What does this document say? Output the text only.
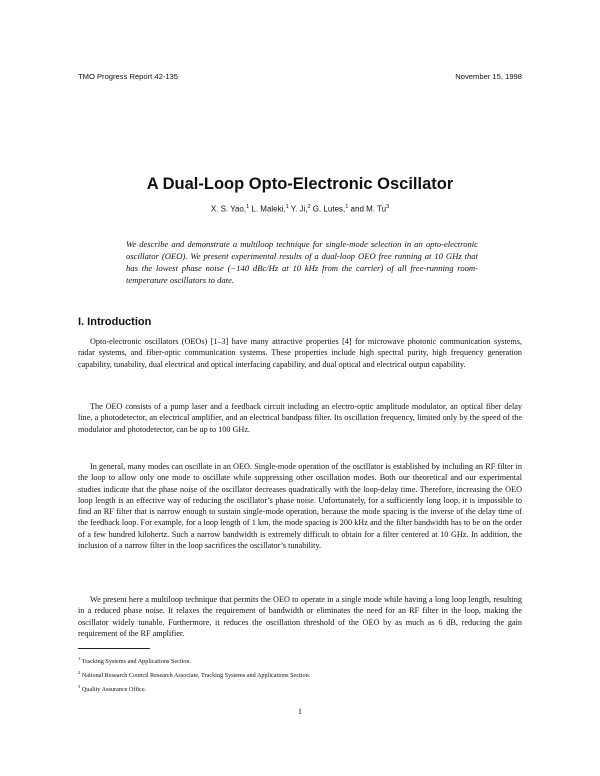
TMO Progress Report 42-135	November 15, 1998
A Dual-Loop Opto-Electronic Oscillator
X. S. Yao,$^1$ L. Maleki,$^1$ Y. Ji,$^2$ G. Lutes,$^1$ and M. Tu$^3$

We describe and demonstrate a multiloop technique for single-mode selection in an opto-electronic oscillator (OEO). We present experimental results of a dual-loop OEO free running at 10 GHz that has the lowest phase noise (−140 dBc/Hz at 10 kHz from the carrier) of all free-running room-temperature oscillators to date.

I. Introduction

Opto-electronic oscillators (OEOs) [1–3] have many attractive properties [4] for microwave photonic communication systems, radar systems, and fiber-optic communication systems. These properties include high spectral purity, high frequency generation capability, tunability, dual electrical and optical interfacing capability, and dual optical and electrical output capability.

The OEO consists of a pump laser and a feedback circuit including an electro-optic amplitude modulator, an optical fiber delay line, a photodetector, an electrical amplifier, and an electrical bandpass filter. Its oscillation frequency, limited only by the speed of the modulator and photodetector, can be up to 100 GHz.

In general, many modes can oscillate in an OEO. Single-mode operation of the oscillator is established by including an RF filter in the loop to allow only one mode to oscillate while suppressing other oscillation modes. Both our theoretical and our experimental studies indicate that the phase noise of the oscillator decreases quadratically with the loop-delay time. Therefore, increasing the OEO loop length is an effective way of reducing the oscillator’s phase noise. Unfortunately, for a sufficiently long loop, it is impossible to find an RF filter that is narrow enough to sustain single-mode operation, because the mode spacing is the inverse of the delay time of the feedback loop. For example, for a loop length of 1 km, the mode spacing is 200 kHz and the filter bandwidth has to be on the order of a few hundred kilohertz. Such a narrow bandwidth is extremely difficult to obtain for a filter centered at 10 GHz. In addition, the inclusion of a narrow filter in the loop sacrifices the oscillator’s tunability.

We present here a multiloop technique that permits the OEO to operate in a single mode while having a long loop length, resulting in a reduced phase noise. It relaxes the requirement of bandwidth or eliminates the need for an RF filter in the loop, making the oscillator widely tunable. Furthermore, it reduces the oscillation threshold of the OEO by as much as 6 dB, reducing the gain requirement of the RF amplifier.

$^1$ Tracking Systems and Applications Section.
$^2$ National Research Council Research Associate, Tracking Systems and Applications Section.
$^3$ Quality Assurance Office.
1
